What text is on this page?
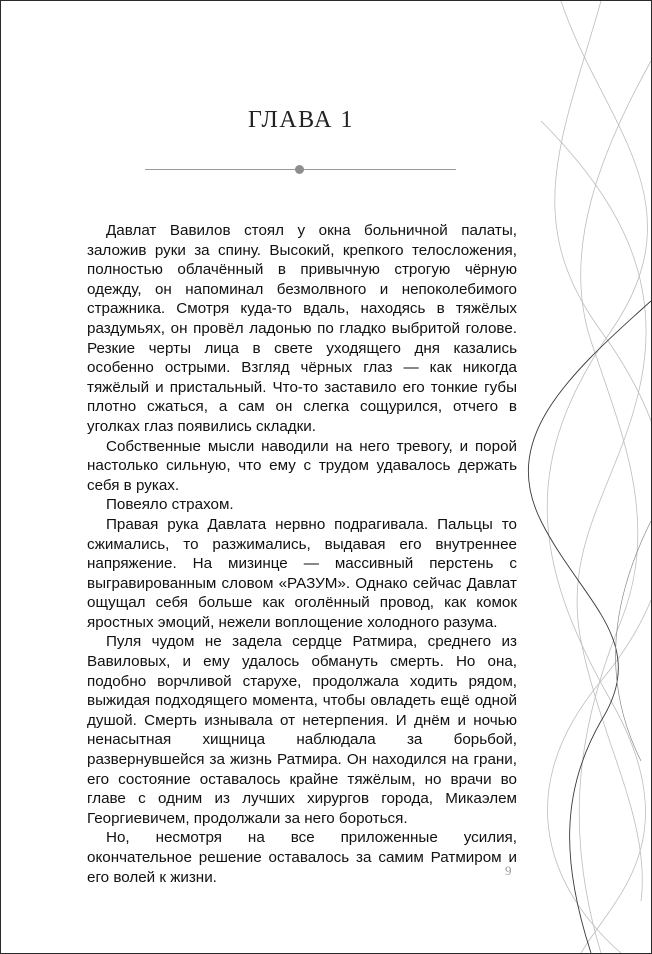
ГЛАВА 1

Давлат Вавилов стоял у окна больничной палаты, заложив руки за спину. Высокий, крепкого телосложения, полностью облачённый в привычную строгую чёрную одежду, он напоминал безмолвного и непоколебимого стражника. Смотря куда-то вдаль, находясь в тяжёлых раздумьях, он провёл ладонью по гладко выбритой голове. Резкие черты лица в свете уходящего дня казались особенно острыми. Взгляд чёрных глаз — как никогда тяжёлый и пристальный. Что-то заставило его тонкие губы плотно сжаться, а сам он слегка сощурился, отчего в уголках глаз появились складки.

Собственные мысли наводили на него тревогу, и порой настолько сильную, что ему с трудом удавалось держать себя в руках.

Повеяло страхом.

Правая рука Давлата нервно подрагивала. Пальцы то сжимались, то разжимались, выдавая его внутреннее напряжение. На мизинце — массивный перстень с выгравированным словом «РАЗУМ». Однако сейчас Давлат ощущал себя больше как оголённый провод, как комок яростных эмоций, нежели воплощение холодного разума.

Пуля чудом не задела сердце Ратмира, среднего из Вавиловых, и ему удалось обмануть смерть. Но она, подобно ворчливой старухе, продолжала ходить рядом, выжидая подходящего момента, чтобы овладеть ещё одной душой. Смерть изнывала от нетерпения. И днём и ночью ненасытная хищница наблюдала за борьбой, развернувшейся за жизнь Ратмира. Он находился на грани, его состояние оставалось крайне тяжёлым, но врачи во главе с одним из лучших хирургов города, Микаэлем Георгиевичем, продолжали за него бороться.

Но, несмотря на все приложенные усилия, окончательное решение оставалось за самим Ратмиром и его волей к жизни.	9
